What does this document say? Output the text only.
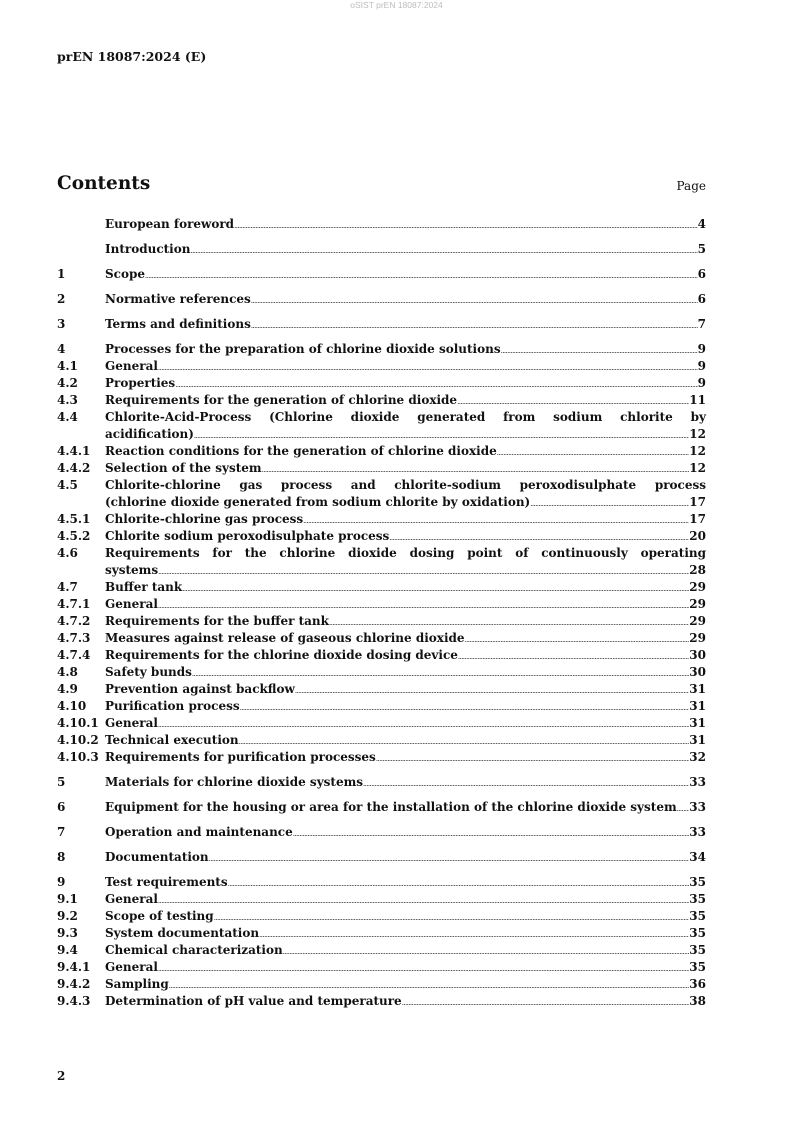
oSIST prEN 18087:2024
prEN 18087:2024 (E)
Contents	Page
European foreword .....	4
Introduction .....	5
1	Scope .....	6
2	Normative references .....	6
3	Terms and definitions .....	7
4	Processes for the preparation of chlorine dioxide solutions .....	9
4.1 General .....	9
4.2 Properties .....	9
4.3 Requirements for the generation of chlorine dioxide .....	11
4.4 Chlorite-Acid-Process (Chlorine dioxide generated from sodium chlorite by
acidification) .....	12
4.4.1 Reaction conditions for the generation of chlorine dioxide .....	12
4.4.2 Selection of the system .....	12
4.5 Chlorite-chlorine gas process and chlorite-sodium peroxodisulphate process
(chlorine dioxide generated from sodium chlorite by oxidation) .....	17
4.5.1 Chlorite-chlorine gas process .....	17
4.5.2 Chlorite sodium peroxodisulphate process .....	20
4.6 Requirements for the chlorine dioxide dosing point of continuously operating
systems .....	28
4.7 Buffer tank .....	29
4.7.1 General .....	29
4.7.2 Requirements for the buffer tank .....	29
4.7.3 Measures against release of gaseous chlorine dioxide .....	29
4.7.4 Requirements for the chlorine dioxide dosing device .....	30
4.8 Safety bunds .....	30
4.9 Prevention against backflow .....	31
4.10 Purification process .....	31
4.10.1 General .....	31
4.10.2 Technical execution .....	31
4.10.3 Requirements for purification processes .....	32
5	Materials for chlorine dioxide systems .....	33
6	Equipment for the housing or area for the installation of the chlorine dioxide system ..... 33
7	Operation and maintenance .....	33
8	Documentation .....	34
9	Test requirements .....	35
9.1 General .....	35
9.2 Scope of testing .....	35
9.3 System documentation .....	35
9.4 Chemical characterization .....	35
9.4.1 General .....	35
9.4.2 Sampling .....	36
9.4.3 Determination of pH value and temperature .....	38
2
